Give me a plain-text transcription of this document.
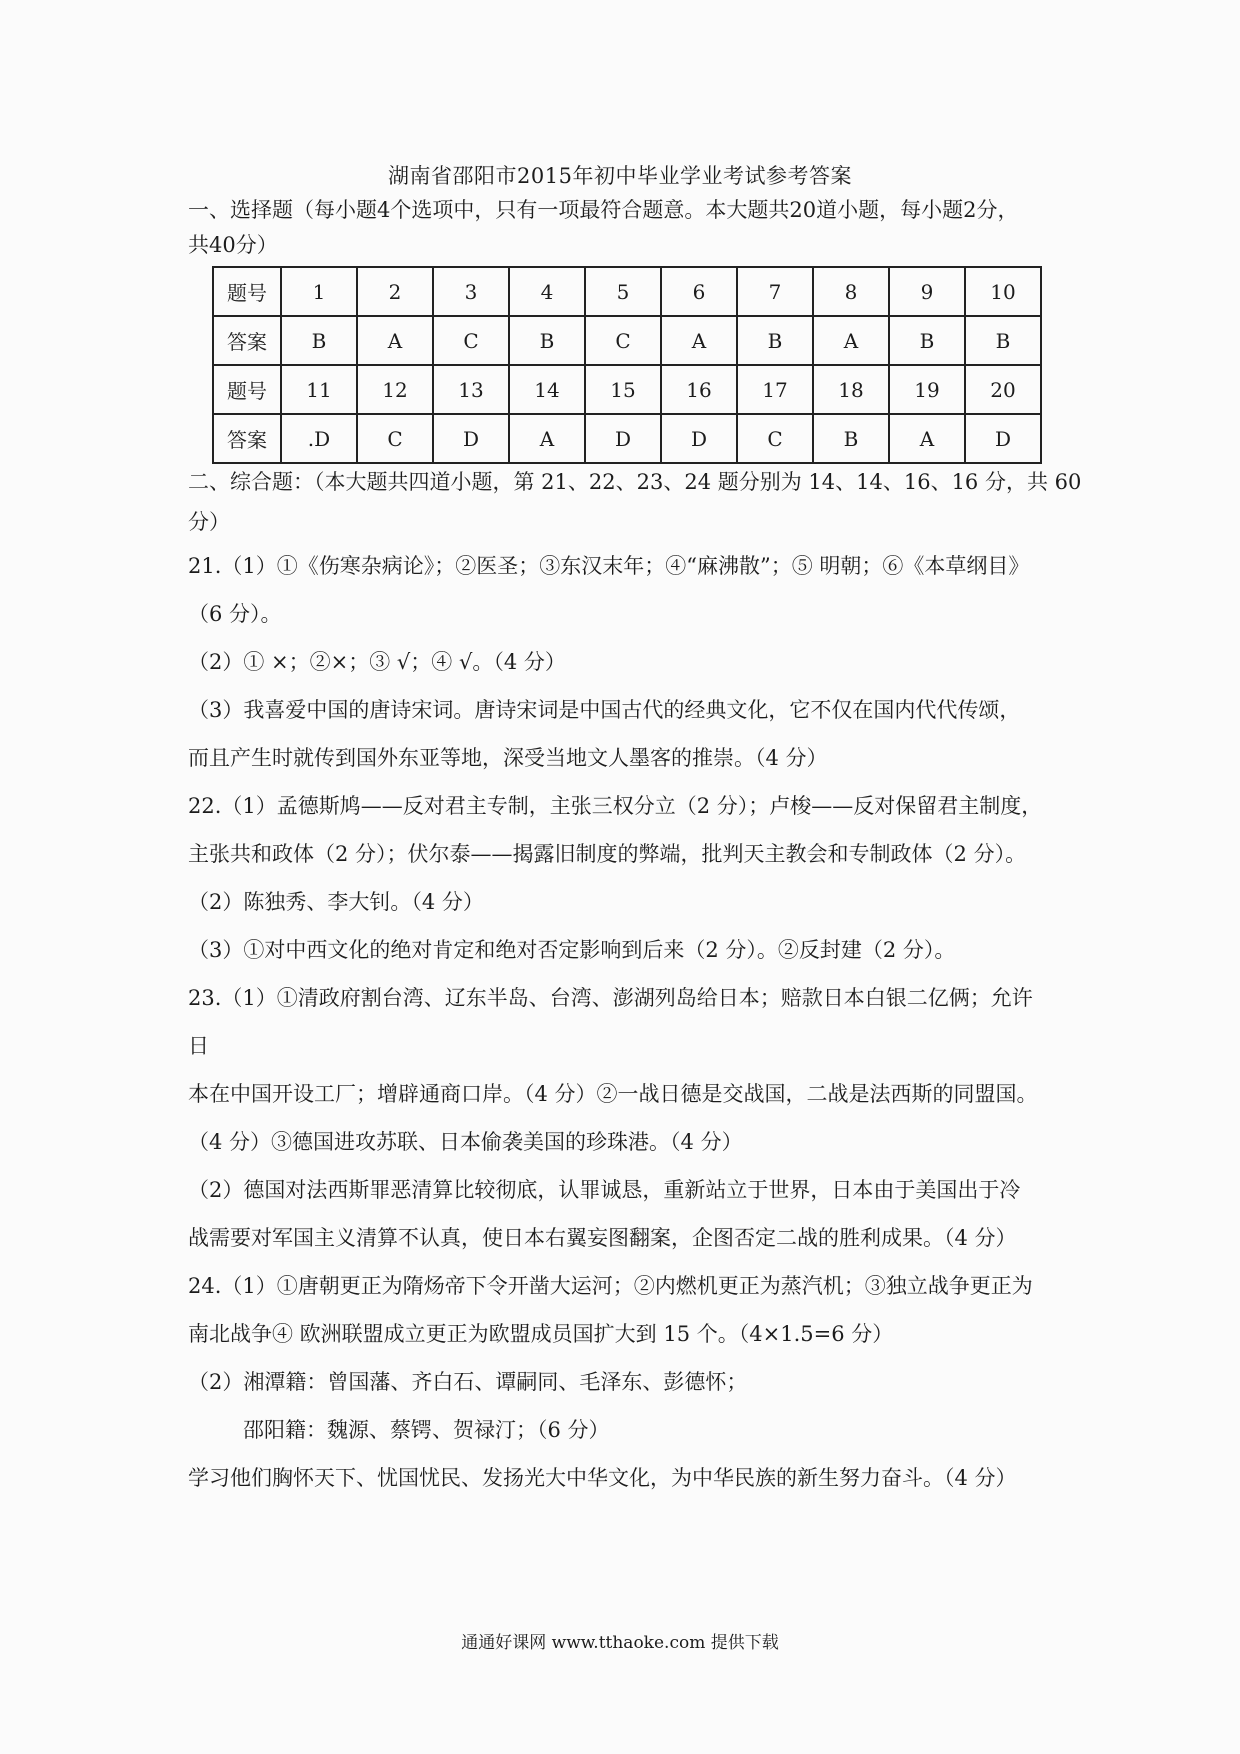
湖南省邵阳市2015年初中毕业学业考试参考答案
一、选择题（每小题4个选项中，只有一项最符合题意。本大题共20道小题，每小题2分，
共40分）
题号	1	2	3	4	5	6	7	8	9	10
答案	B	A	C	B	C	A	B	A	B	B
题号	11	12	13	14	15	16	17	18	19	20
答案	.D	C	D	A	D	D	C	B	A	D
二、综合题：（本大题共四道小题，第 21、22、23、24 题分别为 14、14、16、16 分，共 60
分）
21.（1）①《伤寒杂病论》；②医圣；③东汉末年；④“麻沸散”；⑤ 明朝；⑥《本草纲目》
（6 分）。
（2）① ×；②×；③ √；④ √。（4 分）
（3）我喜爱中国的唐诗宋词。唐诗宋词是中国古代的经典文化，它不仅在国内代代传颂，
而且产生时就传到国外东亚等地，深受当地文人墨客的推崇。（4 分）
22.（1）孟德斯鸠——反对君主专制，主张三权分立（2 分）；卢梭——反对保留君主制度，
主张共和政体（2 分）；伏尔泰——揭露旧制度的弊端，批判天主教会和专制政体（2 分）。
（2）陈独秀、李大钊。（4 分）
（3）①对中西文化的绝对肯定和绝对否定影响到后来（2 分）。②反封建（2 分）。
23.（1）①清政府割台湾、辽东半岛、台湾、澎湖列岛给日本；赔款日本白银二亿俩；允许
日
本在中国开设工厂；增辟通商口岸。（4 分）②一战日德是交战国，二战是法西斯的同盟国。
（4 分）③德国进攻苏联、日本偷袭美国的珍珠港。（4 分）
（2）德国对法西斯罪恶清算比较彻底，认罪诚恳，重新站立于世界，日本由于美国出于冷
战需要对军国主义清算不认真，使日本右翼妄图翻案，企图否定二战的胜利成果。（4 分）
24.（1）①唐朝更正为隋炀帝下令开凿大运河；②内燃机更正为蒸汽机；③独立战争更正为
南北战争④ 欧洲联盟成立更正为欧盟成员国扩大到 15 个。（4×1.5=6 分）
（2）湘潭籍：曾国藩、齐白石、谭嗣同、毛泽东、彭德怀；
邵阳籍：魏源、蔡锷、贺禄汀；（6 分）
学习他们胸怀天下、忧国忧民、发扬光大中华文化，为中华民族的新生努力奋斗。（4 分）
通通好课网 www.tthaoke.com 提供下载
